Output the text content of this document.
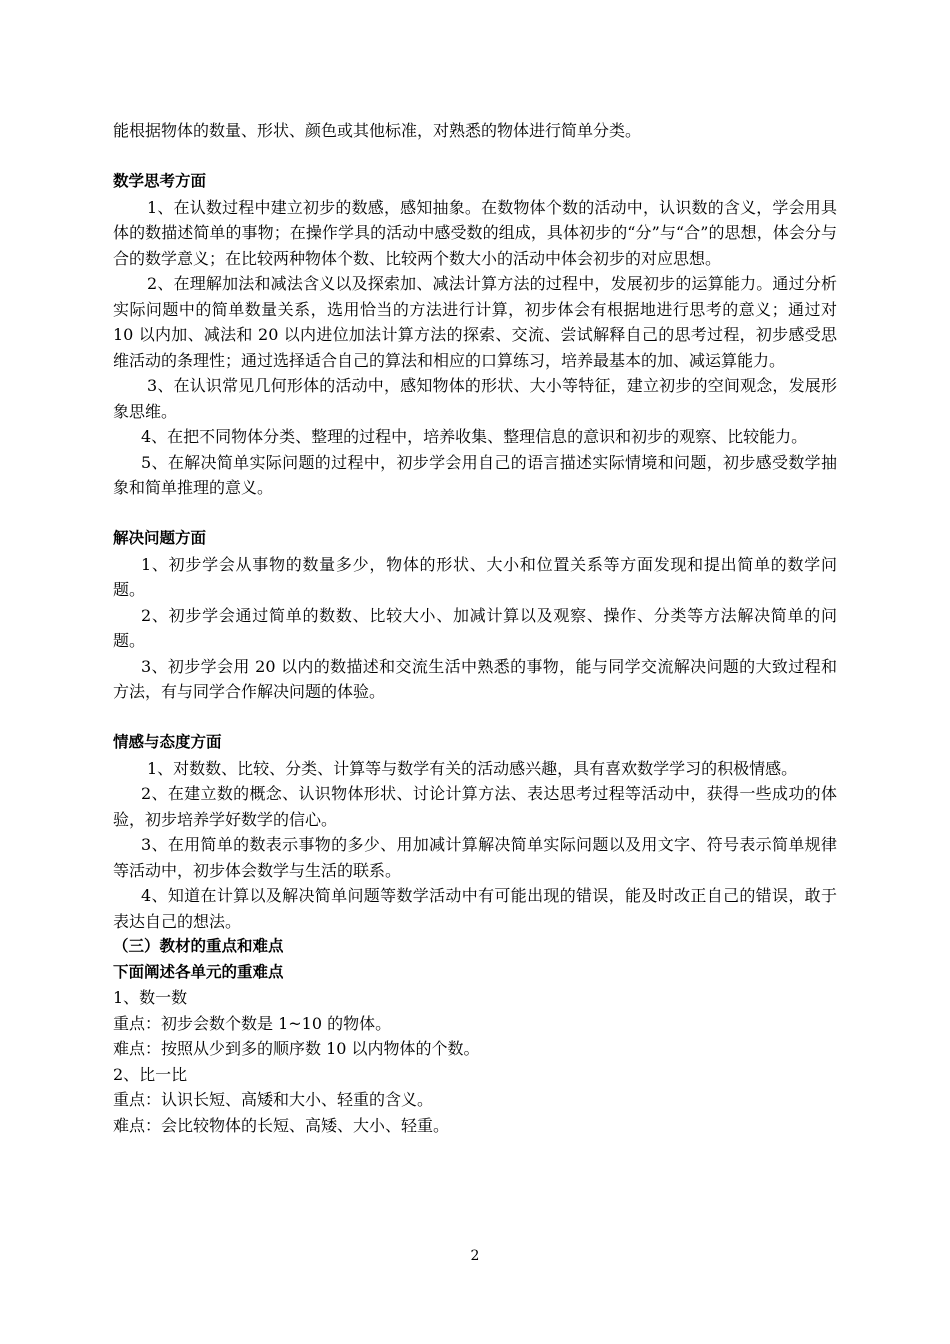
能根据物体的数量、形状、颜色或其他标准，对熟悉的物体进行简单分类。
数学思考方面
1、在认数过程中建立初步的数感，感知抽象。在数物体个数的活动中，认识数的含义，学会用具体的数描述简单的事物；在操作学具的活动中感受数的组成，具体初步的“分”与“合”的思想，体会分与合的数学意义；在比较两种物体个数、比较两个数大小的活动中体会初步的对应思想。
2、在理解加法和减法含义以及探索加、减法计算方法的过程中，发展初步的运算能力。通过分析实际问题中的简单数量关系，选用恰当的方法进行计算，初步体会有根据地进行思考的意义；通过对 10 以内加、减法和 20 以内进位加法计算方法的探索、交流、尝试解释自己的思考过程，初步感受思维活动的条理性；通过选择适合自己的算法和相应的口算练习，培养最基本的加、减运算能力。
3、在认识常见几何形体的活动中，感知物体的形状、大小等特征，建立初步的空间观念，发展形象思维。
4、在把不同物体分类、整理的过程中，培养收集、整理信息的意识和初步的观察、比较能力。
5、在解决简单实际问题的过程中，初步学会用自己的语言描述实际情境和问题，初步感受数学抽象和简单推理的意义。
解决问题方面
1、初步学会从事物的数量多少，物体的形状、大小和位置关系等方面发现和提出简单的数学问题。
2、初步学会通过简单的数数、比较大小、加减计算以及观察、操作、分类等方法解决简单的问题。
3、初步学会用 20 以内的数描述和交流生活中熟悉的事物，能与同学交流解决问题的大致过程和方法，有与同学合作解决问题的体验。
情感与态度方面
1、对数数、比较、分类、计算等与数学有关的活动感兴趣，具有喜欢数学学习的积极情感。
2、在建立数的概念、认识物体形状、讨论计算方法、表达思考过程等活动中，获得一些成功的体验，初步培养学好数学的信心。
3、在用简单的数表示事物的多少、用加减计算解决简单实际问题以及用文字、符号表示简单规律等活动中，初步体会数学与生活的联系。
4、知道在计算以及解决简单问题等数学活动中有可能出现的错误，能及时改正自己的错误，敢于表达自己的想法。
（三）教材的重点和难点
下面阐述各单元的重难点
1、数一数
重点：初步会数个数是 1~10 的物体。
难点：按照从少到多的顺序数 10 以内物体的个数。
2、比一比
重点：认识长短、高矮和大小、轻重的含义。
难点：会比较物体的长短、高矮、大小、轻重。
2
